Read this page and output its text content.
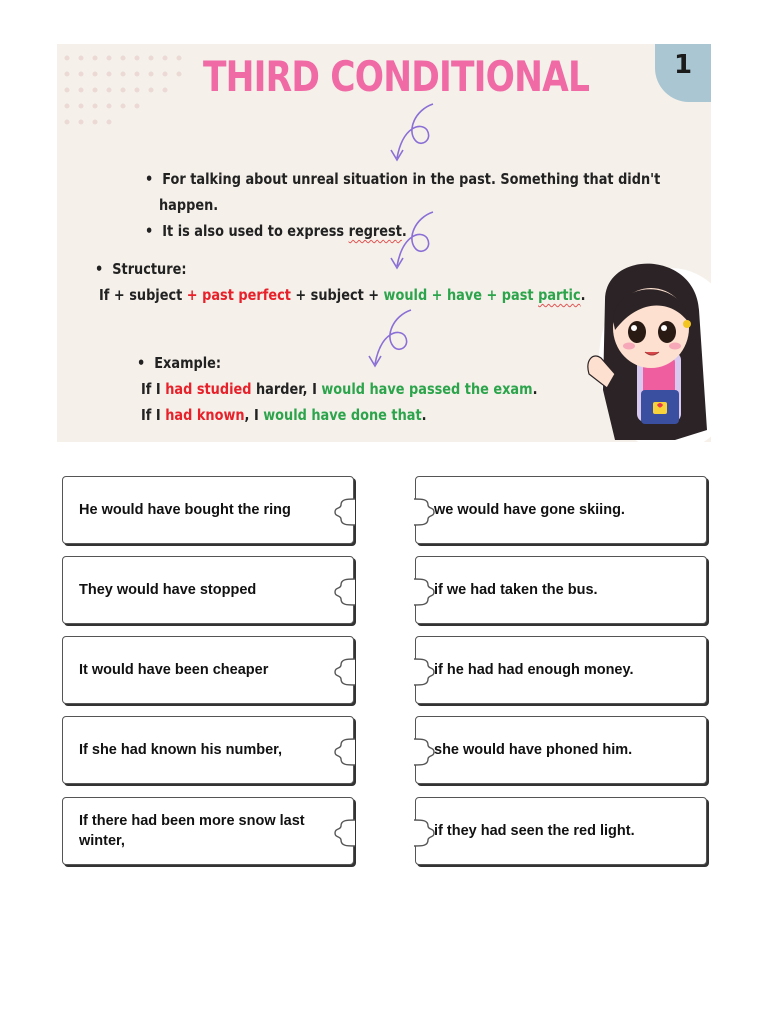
THIRD CONDITIONAL	1
•  For talking about unreal situation in the past. Something that didn't
happen.
•  It is also used to express regrest.
•  Structure:
If + subject + past perfect + subject + would + have + past partic.
•  Example:
If I had studied harder, I would have passed the exam.
If I had known, I would have done that.
He would have bought the ring
They would have stopped
It would have been cheaper
If she had known his number,
If there had been more snow last winter,
we would have gone skiing.
if we had taken the bus.
if he had had enough money.
she would have phoned him.
if they had seen the red light.
